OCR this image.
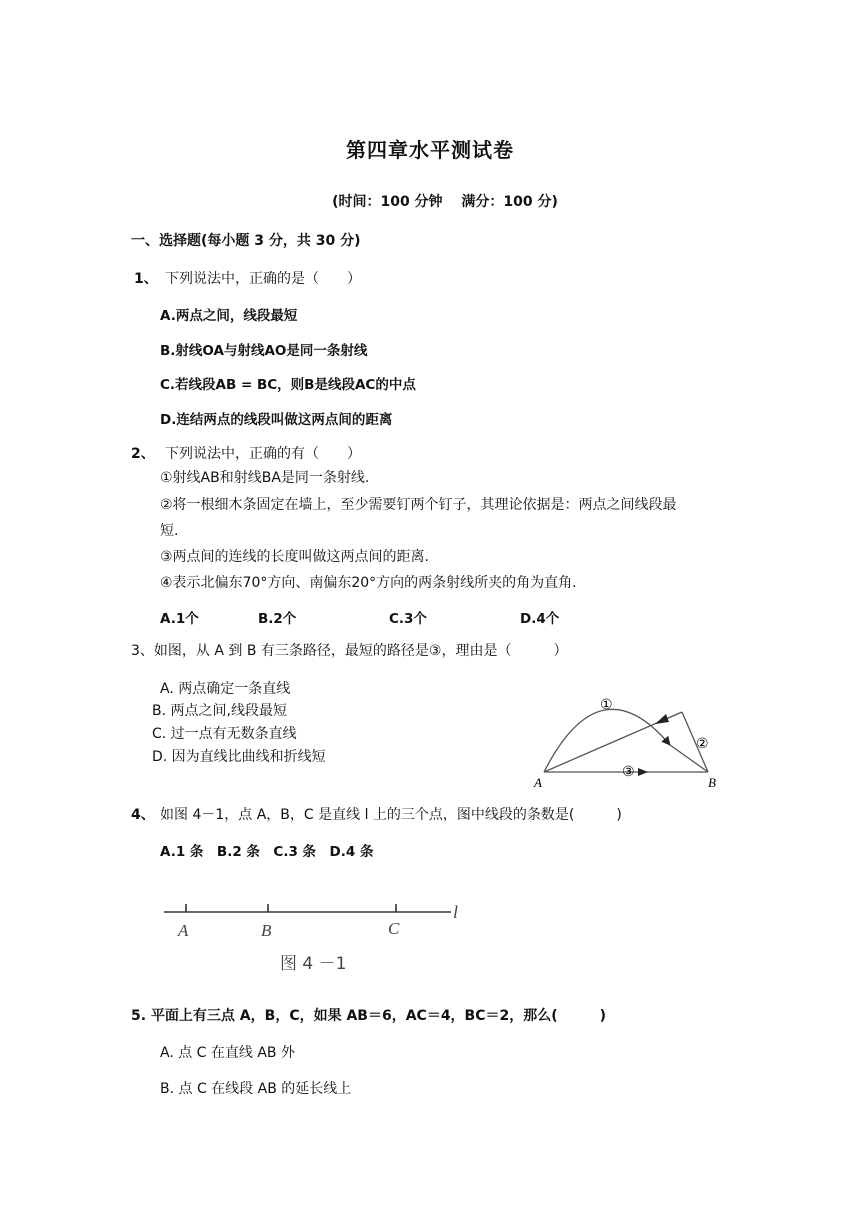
第四章水平测试卷
(时间：100 分钟　 满分：100 分)
一、选择题(每小题 3 分，共 30 分)
1、 下列说法中，正确的是（　　）
A.两点之间，线段最短
B.射线OA与射线AO是同一条射线
C.若线段AB = BC，则B是线段AC的中点
D.连结两点的线段叫做这两点间的距离
2、 下列说法中，正确的有（　　）
①射线AB和射线BA是同一条射线.
②将一根细木条固定在墙上，至少需要钉两个钉子，其理论依据是：两点之间线段最
短.
③两点间的连线的长度叫做这两点间的距离.
④表示北偏东70°方向、南偏东20°方向的两条射线所夹的角为直角.
A.1个	B.2个	C.3个	D.4个
3、如图，从 A 到 B 有三条路径，最短的路径是③，理由是（　　　）
A. 两点确定一条直线
B. 两点之间,线段最短
C. 过一点有无数条直线
D. 因为直线比曲线和折线短
A	B
①
②
③
4、 如图 4－1，点 A，B，C 是直线 l 上的三个点，图中线段的条数是(　　　)
A.1 条　B.2 条　C.3 条　D.4 条
A	B	C
l
图 4 －1
5. 平面上有三点 A，B，C，如果 AB＝6，AC＝4，BC＝2，那么(　　　)
A. 点 C 在直线 AB 外
B. 点 C 在线段 AB 的延长线上
